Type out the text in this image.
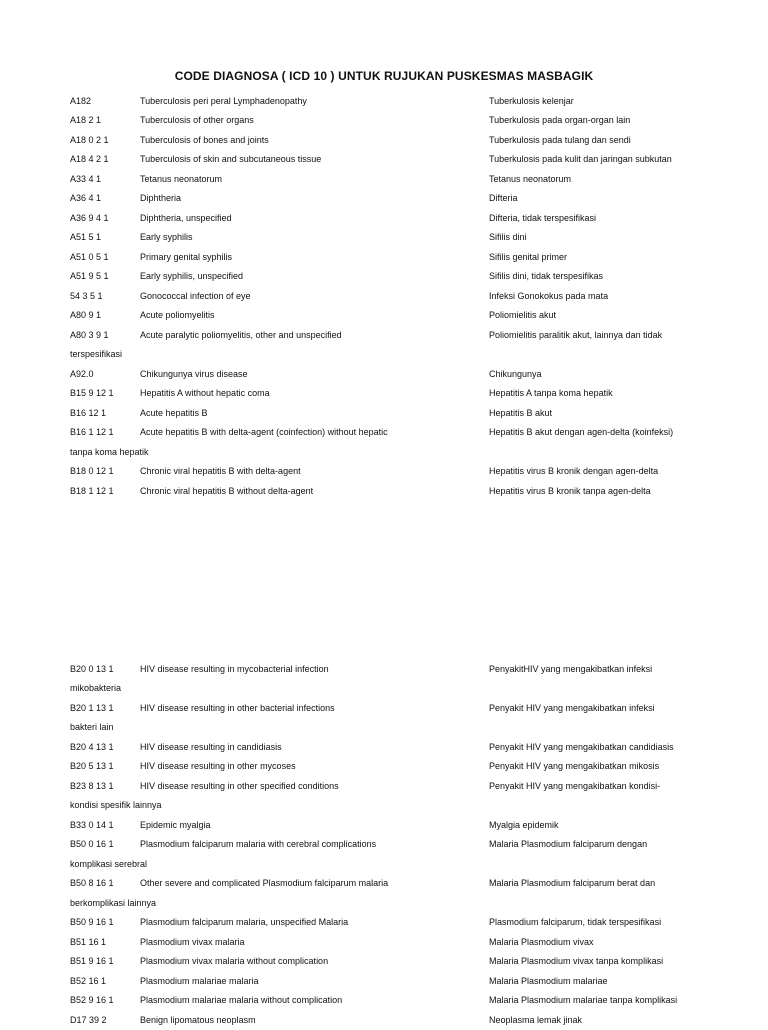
CODE DIAGNOSA ( ICD 10 ) UNTUK RUJUKAN PUSKESMAS MASBAGIK
A182	Tuberculosis peri peral Lymphadenopathy	Tuberkulosis kelenjar
A18 2 1	Tuberculosis of other organs	Tuberkulosis pada organ-organ lain
A18 0 2 1	Tuberculosis of bones and joints	Tuberkulosis pada tulang dan sendi
A18 4 2 1	Tuberculosis of skin and subcutaneous tissue	Tuberkulosis pada kulit dan jaringan subkutan
A33 4 1	Tetanus neonatorum	Tetanus neonatorum
A36 4 1	Diphtheria	Difteria
A36 9 4 1	Diphtheria, unspecified	Difteria, tidak terspesifikasi
A51 5 1	Early syphilis	Sifilis dini
A51 0 5 1	Primary genital syphilis	Sifilis genital primer
A51 9 5 1	Early syphilis, unspecified	Sifilis dini, tidak terspesifikas
54 3 5 1	Gonococcal infection of eye	Infeksi Gonokokus pada mata
A80 9 1	Acute poliomyelitis	Poliomielitis akut
A80 3 9 1	Acute paralytic poliomyelitis, other and unspecified	Poliomielitis paralitik akut, lainnya dan tidak
terspesifikasi
A92.0	Chikungunya virus disease	Chikungunya
B15 9 12 1	Hepatitis A without hepatic coma	Hepatitis A tanpa koma hepatik
B16 12 1	Acute hepatitis B	Hepatitis B akut
B16 1 12 1	Acute hepatitis B with delta-agent (coinfection) without hepatic	Hepatitis B akut dengan agen-delta (koinfeksi)
tanpa koma hepatik
B18 0 12 1	Chronic viral hepatitis B with delta-agent	Hepatitis virus B kronik dengan agen-delta
B18 1 12 1	Chronic viral hepatitis B without delta-agent	Hepatitis virus B kronik tanpa agen-delta
B20 0 13 1	HIV disease resulting in mycobacterial infection	PenyakitHIV yang mengakibatkan infeksi
mikobakteria
B20 1 13 1	HIV disease resulting in other bacterial infections	Penyakit HIV yang mengakibatkan infeksi
bakteri lain
B20 4 13 1	HIV disease resulting in candidiasis	Penyakit HIV yang mengakibatkan candidiasis
B20 5 13 1	HIV disease resulting in other mycoses	Penyakit HIV yang mengakibatkan mikosis
B23 8 13 1	HIV disease resulting in other specified conditions	Penyakit HIV yang mengakibatkan kondisi-
kondisi spesifik lainnya
B33 0 14 1	Epidemic myalgia	Myalgia epidemik
B50 0 16 1	Plasmodium falciparum malaria with cerebral complications	Malaria Plasmodium falciparum dengan
komplikasi serebral
B50 8 16 1	Other severe and complicated Plasmodium falciparum malaria	Malaria Plasmodium falciparum berat dan
berkomplikasi lainnya
B50 9 16 1	Plasmodium falciparum malaria, unspecified Malaria	Plasmodium falciparum, tidak terspesifikasi
B51 16 1	Plasmodium vivax malaria	Malaria Plasmodium vivax
B51 9 16 1	Plasmodium vivax malaria without complication	Malaria Plasmodium vivax tanpa komplikasi
B52 16 1	Plasmodium malariae malaria	Malaria Plasmodium malariae
B52 9 16 1	Plasmodium malariae malaria without complication	Malaria Plasmodium malariae tanpa komplikasi
D17 39 2	Benign lipomatous neoplasm	Neoplasma lemak jinak
